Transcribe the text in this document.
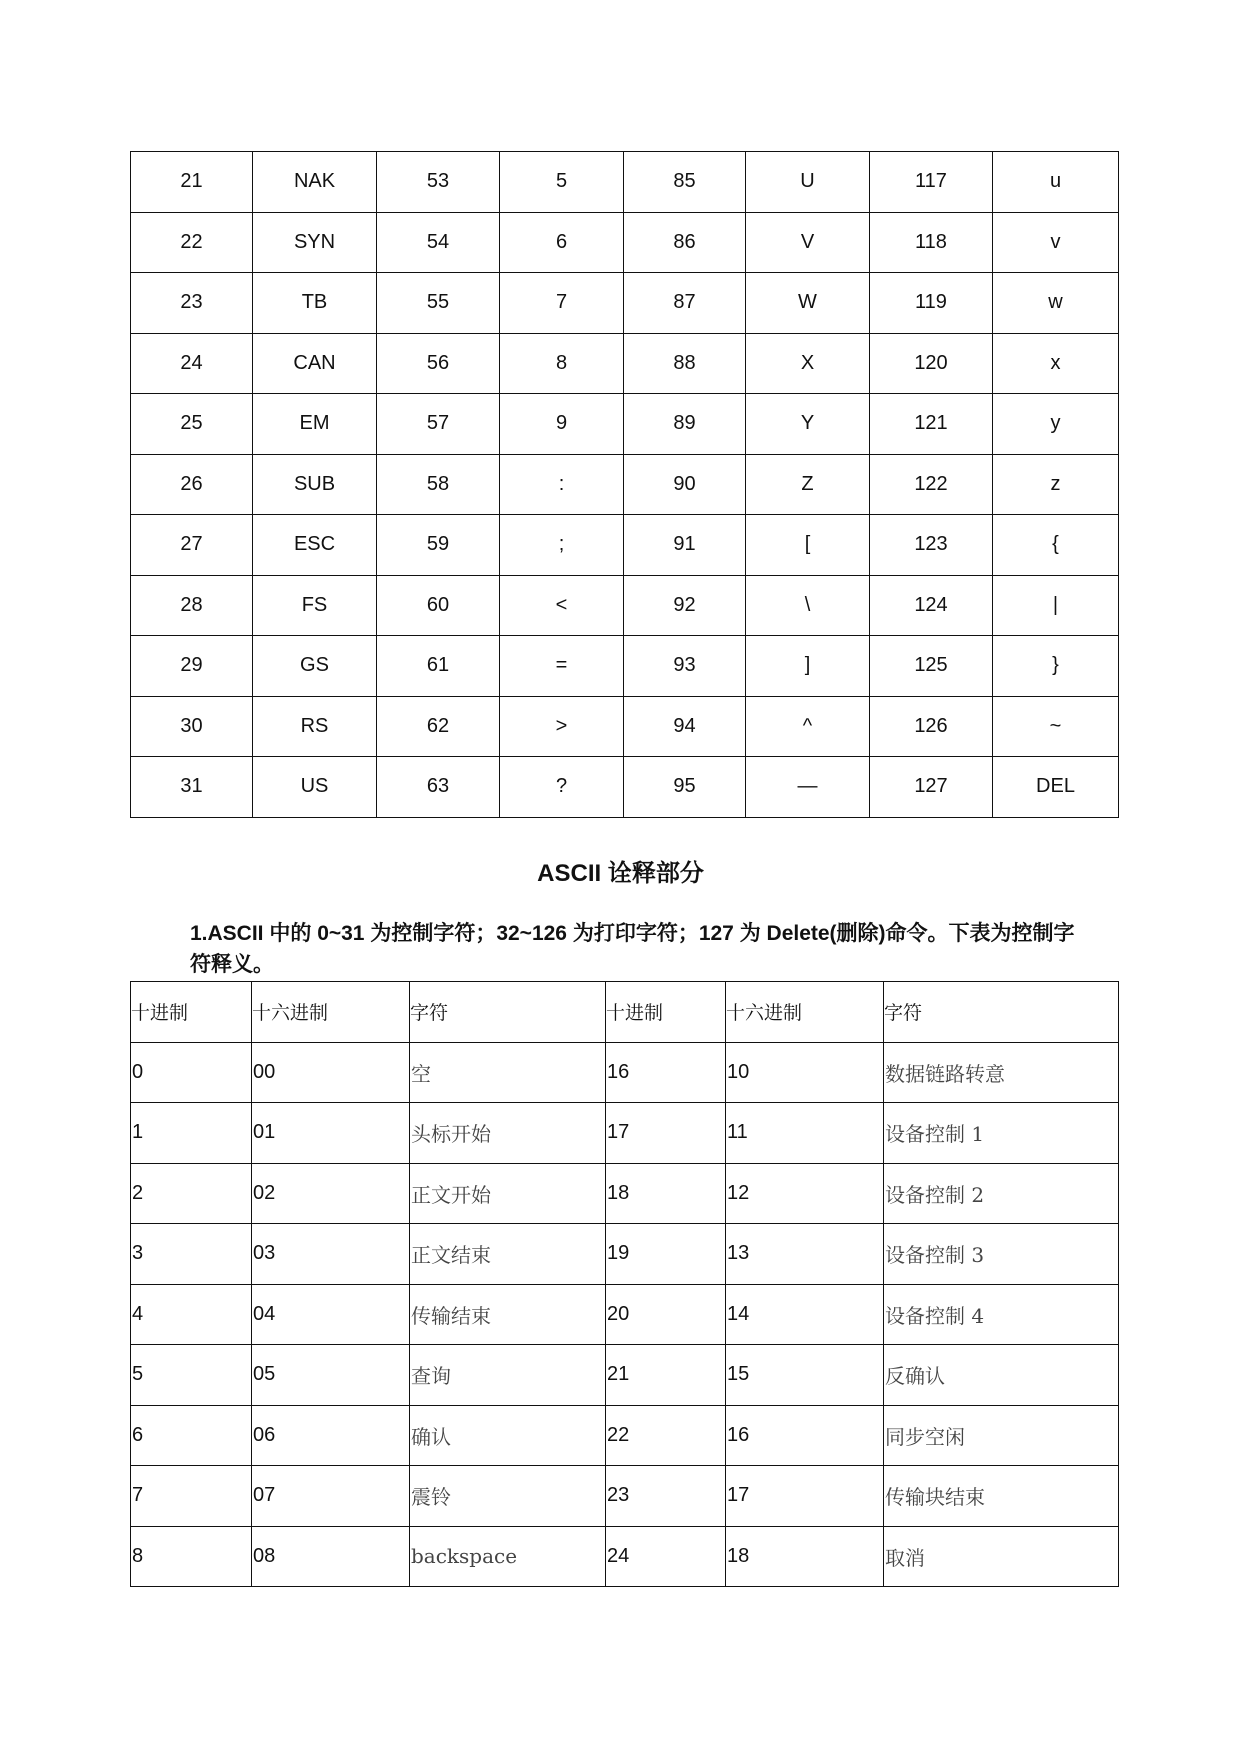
21	NAK	53	5	85	U	117	u
22	SYN	54	6	86	V	118	v
23	TB	55	7	87	W	119	w
24	CAN	56	8	88	X	120	x
25	EM	57	9	89	Y	121	y
26	SUB	58	:	90	Z	122	z
27	ESC	59	;	91	[	123	{
28	FS	60	<	92	\	124	|
29	GS	61	=	93	]	125	}
30	RS	62	>	94	^	126	~
31	US	63	?	95	—	127	DEL
ASCII 诠释部分
1.ASCII 中的 0~31 为控制字符；32~126 为打印字符；127 为 Delete(删除)命令。下表为控制字符释义。
十进制	十六进制	字符	十进制	十六进制	字符
0	00	空	16	10	数据链路转意
1	01	头标开始	17	11	设备控制 1
2	02	正文开始	18	12	设备控制 2
3	03	正文结束	19	13	设备控制 3
4	04	传输结束	20	14	设备控制 4
5	05	查询	21	15	反确认
6	06	确认	22	16	同步空闲
7	07	震铃	23	17	传输块结束
8	08	backspace	24	18	取消
